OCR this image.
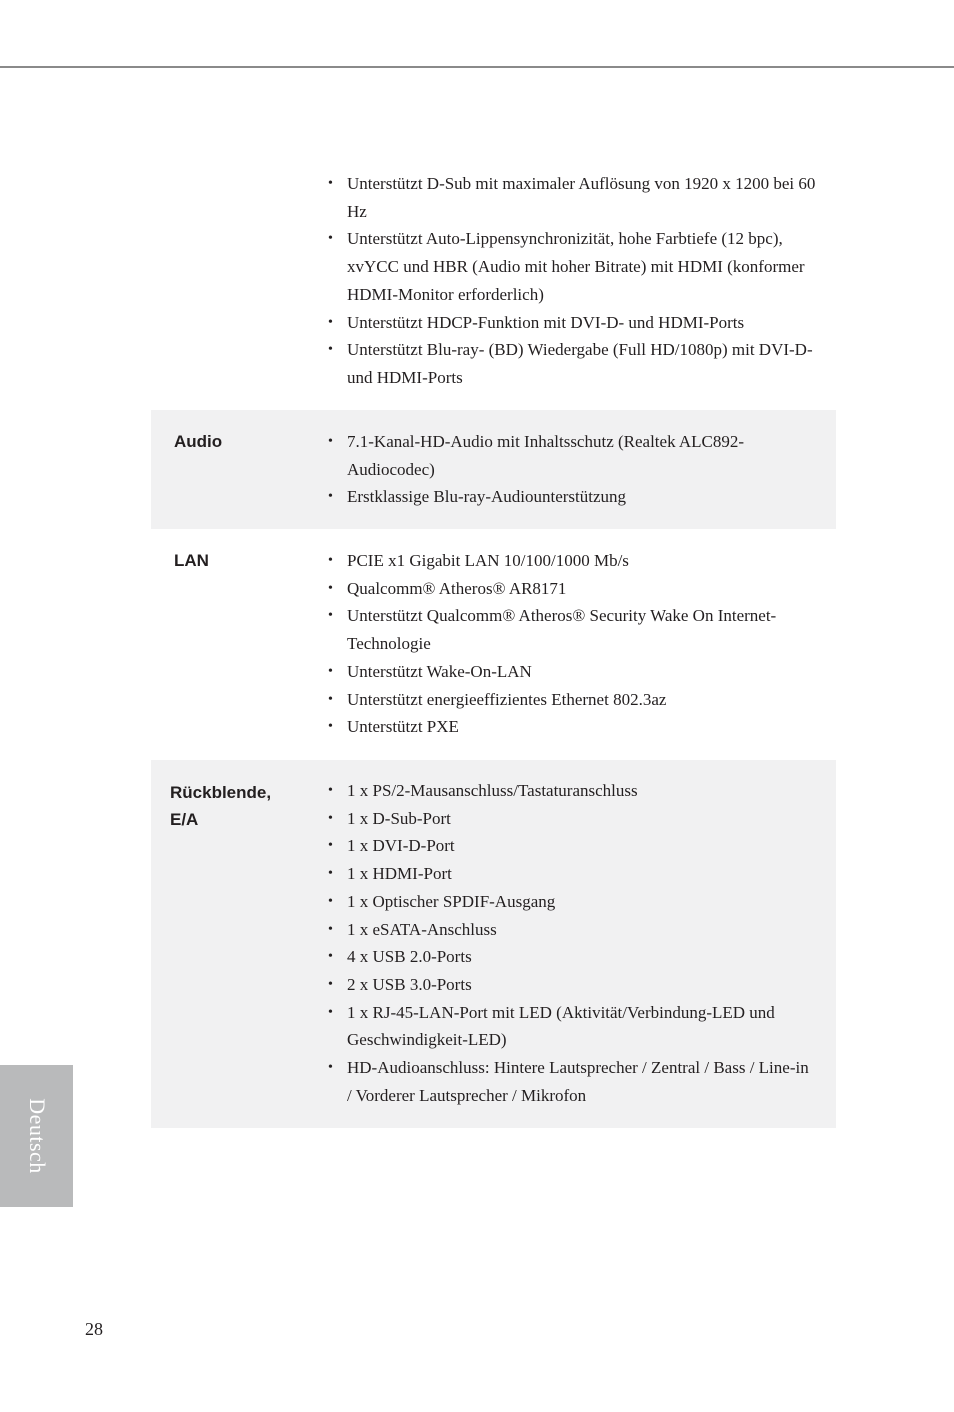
• Unterstützt D-Sub mit maximaler Auflösung von 1920 x 1200 bei 60 Hz
• Unterstützt Auto-Lippensynchronizität, hohe Farbtiefe (12 bpc), xvYCC und HBR (Audio mit hoher Bitrate) mit HDMI (konformer HDMI-Monitor erforderlich)
• Unterstützt HDCP-Funktion mit DVI-D- und HDMI-Ports
• Unterstützt Blu-ray- (BD) Wiedergabe (Full HD/1080p) mit DVI-D- und HDMI-Ports
Audio	• 7.1-Kanal-HD-Audio mit Inhaltsschutz (Realtek ALC892-Audiocodec)
• Erstklassige Blu-ray-Audiounterstützung
LAN	• PCIE x1 Gigabit LAN 10/100/1000 Mb/s
• Qualcomm® Atheros® AR8171
• Unterstützt Qualcomm® Atheros® Security Wake On Internet-Technologie
• Unterstützt Wake-On-LAN
• Unterstützt energieeffizientes Ethernet 802.3az
• Unterstützt PXE
Rückblende,
E/A
• 1 x PS/2-Mausanschluss/Tastaturanschluss
• 1 x D-Sub-Port
• 1 x DVI-D-Port
• 1 x HDMI-Port
• 1 x Optischer SPDIF-Ausgang
• 1 x eSATA-Anschluss
• 4 x USB 2.0-Ports
• 2 x USB 3.0-Ports
• 1 x RJ-45-LAN-Port mit LED (Aktivität/Verbindung-LED und Geschwindigkeit-LED)
• HD-Audioanschluss: Hintere Lautsprecher / Zentral / Bass / Line-in / Vorderer Lautsprecher / Mikrofon
Deutsch
28
